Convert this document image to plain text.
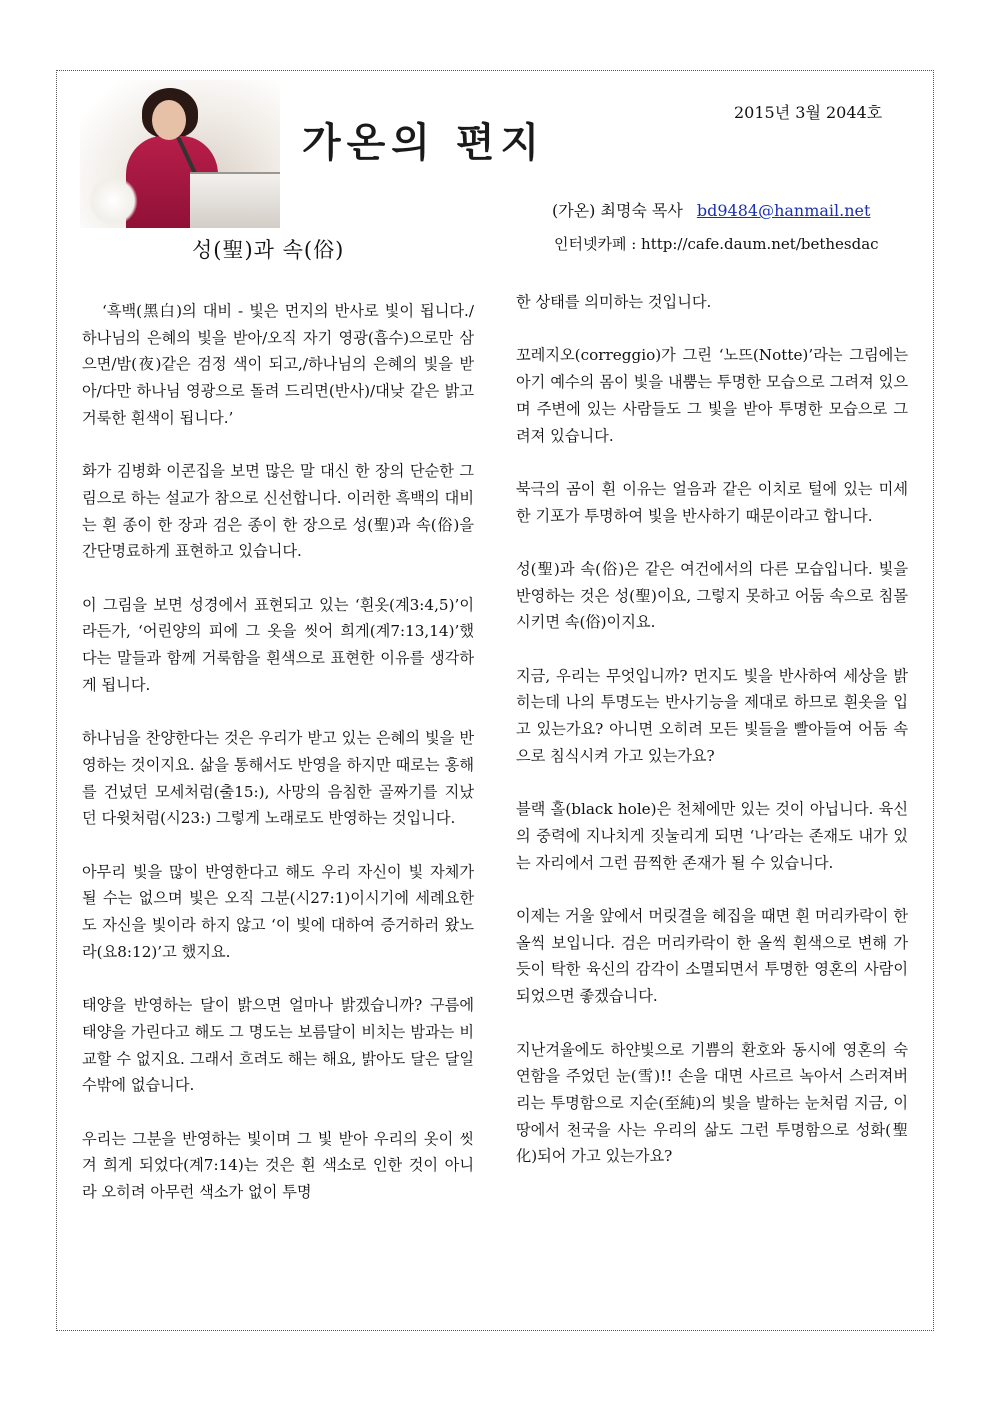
가온의 편지
2015년 3월 2044호
(가온) 최명숙 목사 bd9484@hanmail.net
인터넷카페 : http://cafe.daum.net/bethesdac
성(聖)과 속(俗)

‘흑백(黑白)의 대비 - 빛은 먼지의 반사로 빛이 됩니다./하나님의 은혜의 빛을 받아/오직 자기 영광(흡수)으로만 삼으면/밤(夜)같은 검정 색이 되고,/하나님의 은혜의 빛을 받아/다만 하나님 영광으로 돌려 드리면(반사)/대낮 같은 밝고 거룩한 흰색이 됩니다.’

화가 김병화 이콘집을 보면 많은 말 대신 한 장의 단순한 그림으로 하는 설교가 참으로 신선합니다. 이러한 흑백의 대비는 흰 종이 한 장과 검은 종이 한 장으로 성(聖)과 속(俗)을 간단명료하게 표현하고 있습니다.

이 그림을 보면 성경에서 표현되고 있는 ‘흰옷(계3:4,5)’이라든가, ‘어린양의 피에 그 옷을 씻어 희게(계7:13,14)’했다는 말들과 함께 거룩함을 흰색으로 표현한 이유를 생각하게 됩니다.

하나님을 찬양한다는 것은 우리가 받고 있는 은혜의 빛을 반영하는 것이지요. 삶을 통해서도 반영을 하지만 때로는 홍해를 건넜던 모세처럼(출15:), 사망의 음침한 골짜기를 지났던 다윗처럼(시23:) 그렇게 노래로도 반영하는 것입니다.

아무리 빛을 많이 반영한다고 해도 우리 자신이 빛 자체가 될 수는 없으며 빛은 오직 그분(시27:1)이시기에 세례요한도 자신을 빛이라 하지 않고 ‘이 빛에 대하여 증거하러 왔노라(요8:12)’고 했지요.

태양을 반영하는 달이 밝으면 얼마나 밝겠습니까? 구름에 태양을 가린다고 해도 그 명도는 보름달이 비치는 밤과는 비교할 수 없지요. 그래서 흐려도 해는 해요, 밝아도 달은 달일 수밖에 없습니다.

우리는 그분을 반영하는 빛이며 그 빛 받아 우리의 옷이 씻겨 희게 되었다(계7:14)는 것은 흰 색소로 인한 것이 아니라 오히려 아무런 색소가 없이 투명

한 상태를 의미하는 것입니다.

꼬레지오(correggio)가 그린 ‘노뜨(Notte)’라는 그림에는 아기 예수의 몸이 빛을 내뿜는 투명한 모습으로 그려져 있으며 주변에 있는 사람들도 그 빛을 받아 투명한 모습으로 그려져 있습니다.

북극의 곰이 흰 이유는 얼음과 같은 이치로 털에 있는 미세한 기포가 투명하여 빛을 반사하기 때문이라고 합니다.

성(聖)과 속(俗)은 같은 여건에서의 다른 모습입니다. 빛을 반영하는 것은 성(聖)이요, 그렇지 못하고 어둠 속으로 침몰시키면 속(俗)이지요.

지금, 우리는 무엇입니까? 먼지도 빛을 반사하여 세상을 밝히는데 나의 투명도는 반사기능을 제대로 하므로 흰옷을 입고 있는가요? 아니면 오히려 모든 빛들을 빨아들여 어둠 속으로 침식시켜 가고 있는가요?

블랙 홀(black hole)은 천체에만 있는 것이 아닙니다. 육신의 중력에 지나치게 짓눌리게 되면 ‘나’라는 존재도 내가 있는 자리에서 그런 끔찍한 존재가 될 수 있습니다.

이제는 거울 앞에서 머릿결을 헤집을 때면 흰 머리카락이 한 올씩 보입니다. 검은 머리카락이 한 올씩 흰색으로 변해 가듯이 탁한 육신의 감각이 소멸되면서 투명한 영혼의 사람이 되었으면 좋겠습니다.

지난겨울에도 하얀빛으로 기쁨의 환호와 동시에 영혼의 숙연함을 주었던 눈(雪)!! 손을 대면 사르르 녹아서 스러져버리는 투명함으로 지순(至純)의 빛을 발하는 눈처럼 지금, 이 땅에서 천국을 사는 우리의 삶도 그런 투명함으로 성화(聖化)되어 가고 있는가요?
